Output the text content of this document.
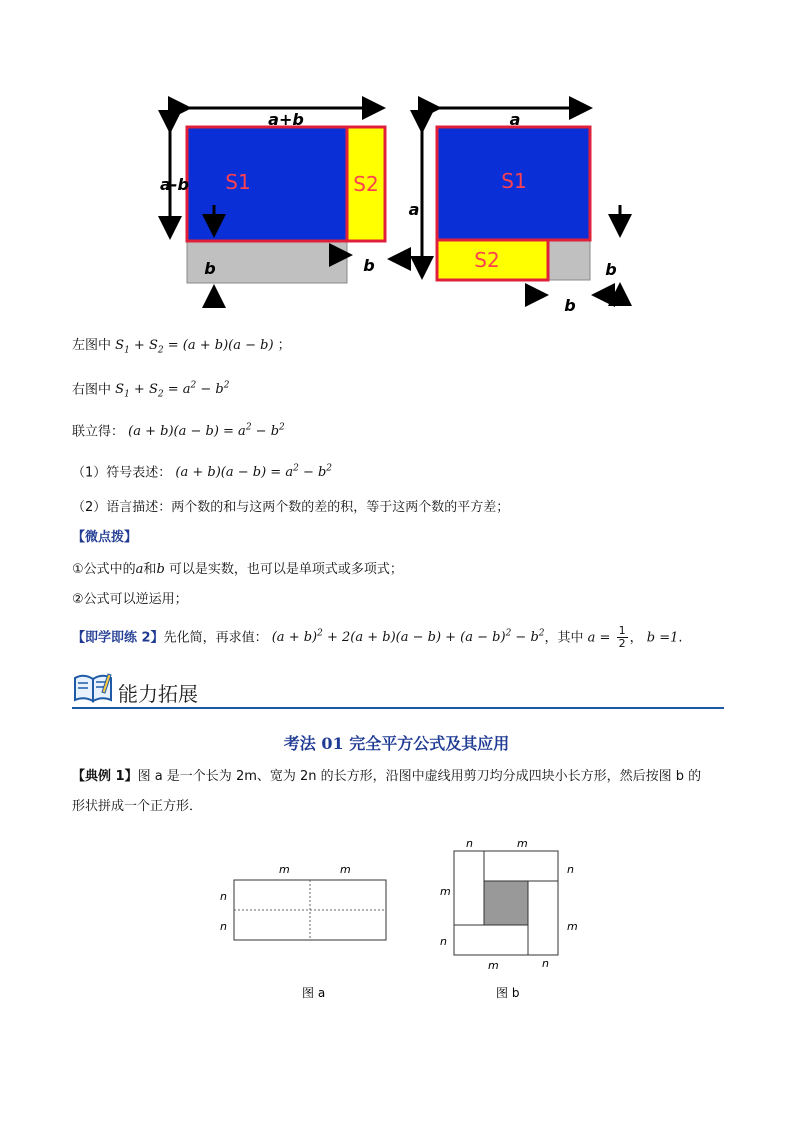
a+b
a-b S1	S2
b	b
a
a
S1
S2	b
b
左图中 $S_1 + S_2 = (a + b)(a - b)$ ；
右图中 $S_1 + S_2 = a^2 - b^2$
联立得： $(a + b)(a - b) = a^2 - b^2$
（1）符号表述： $(a + b)(a - b) = a^2 - b^2$
（2）语言描述：两个数的和与这两个数的差的积，等于这两个数的平方差；
【微点拨】
①公式中的a和b 可以是实数，也可以是单项式或多项式；
②公式可以逆运用；
【即学即练 2】先化简，再求值： $(a + b)^2 + 2(a + b)(a - b) + (a - b)^2 - b^2$，其中 $a = \frac{1}{2}$ ， b =1.
能力拓展
考法 01 完全平方公式及其应用
【典例 1】图 a 是一个长为 2m、宽为 2n 的长方形，沿图中虚线用剪刀均分成四块小长方形，然后按图 b 的
形状拼成一个正方形．
m	m
n
n
图 a
n	m
n
m
m
n
m	n
图 b
